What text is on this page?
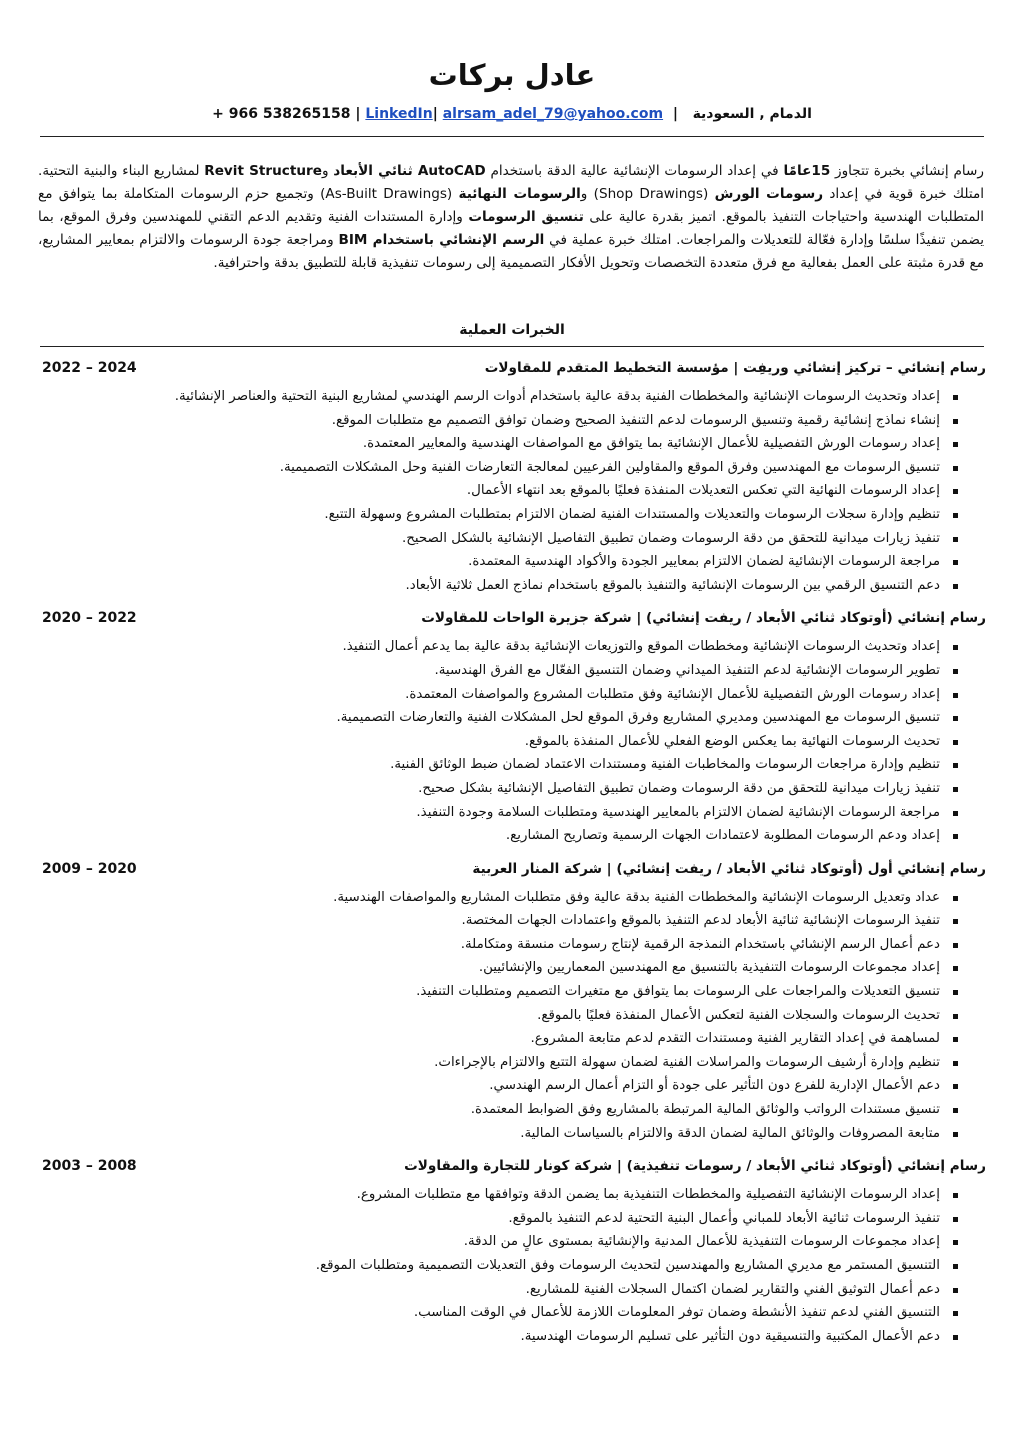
عادل بركات
الدمام , السعودية   |  LinkedIn| alrsam_adel_79@yahoo.com | + 966 538265158
رسام إنشائي بخبرة تتجاوز 15عامًا في إعداد الرسومات الإنشائية عالية الدقة باستخدام AutoCAD ثنائي الأبعاد وRevit Structure لمشاريع البناء والبنية التحتية. امتلك خبرة قوية في إعداد رسومات الورش (Shop Drawings) والرسومات النهائية (As-Built Drawings) وتجميع حزم الرسومات المتكاملة بما يتوافق مع المتطلبات الهندسية واحتياجات التنفيذ بالموقع. اتميز بقدرة عالية على تنسيق الرسومات وإدارة المستندات الفنية وتقديم الدعم التقني للمهندسين وفرق الموقع، بما يضمن تنفيذًا سلسًا وإدارة فعّالة للتعديلات والمراجعات. امتلك خبرة عملية في الرسم الإنشائي باستخدام BIM ومراجعة جودة الرسومات والالتزام بمعايير المشاريع، مع قدرة مثبتة على العمل بفعالية مع فرق متعددة التخصصات وتحويل الأفكار التصميمية إلى رسومات تنفيذية قابلة للتطبيق بدقة واحترافية.
الخبرات العملية
رسام إنشائي – تركيز إنشائي وريفِت | مؤسسة التخطيط المتقدم للمقاولات
2022 – 2024
إعداد وتحديث الرسومات الإنشائية والمخططات الفنية بدقة عالية باستخدام أدوات الرسم الهندسي لمشاريع البنية التحتية والعناصر الإنشائية.
إنشاء نماذج إنشائية رقمية وتنسيق الرسومات لدعم التنفيذ الصحيح وضمان توافق التصميم مع متطلبات الموقع.
إعداد رسومات الورش التفصيلية للأعمال الإنشائية بما يتوافق مع المواصفات الهندسية والمعايير المعتمدة.
تنسيق الرسومات مع المهندسين وفرق الموقع والمقاولين الفرعيين لمعالجة التعارضات الفنية وحل المشكلات التصميمية.
إعداد الرسومات النهائية التي تعكس التعديلات المنفذة فعليًا بالموقع بعد انتهاء الأعمال.
تنظيم وإدارة سجلات الرسومات والتعديلات والمستندات الفنية لضمان الالتزام بمتطلبات المشروع وسهولة التتبع.
تنفيذ زيارات ميدانية للتحقق من دقة الرسومات وضمان تطبيق التفاصيل الإنشائية بالشكل الصحيح.
مراجعة الرسومات الإنشائية لضمان الالتزام بمعايير الجودة والأكواد الهندسية المعتمدة.
دعم التنسيق الرقمي بين الرسومات الإنشائية والتنفيذ بالموقع باستخدام نماذج العمل ثلاثية الأبعاد.
رسام إنشائي (أوتوكاد ثنائي الأبعاد / ريفت إنشائي) | شركة جزيرة الواحات للمقاولات
2020 – 2022
إعداد وتحديث الرسومات الإنشائية ومخططات الموقع والتوزيعات الإنشائية بدقة عالية بما يدعم أعمال التنفيذ.
تطوير الرسومات الإنشائية لدعم التنفيذ الميداني وضمان التنسيق الفعّال مع الفرق الهندسية.
إعداد رسومات الورش التفصيلية للأعمال الإنشائية وفق متطلبات المشروع والمواصفات المعتمدة.
تنسيق الرسومات مع المهندسين ومديري المشاريع وفرق الموقع لحل المشكلات الفنية والتعارضات التصميمية.
تحديث الرسومات النهائية بما يعكس الوضع الفعلي للأعمال المنفذة بالموقع.
تنظيم وإدارة مراجعات الرسومات والمخاطبات الفنية ومستندات الاعتماد لضمان ضبط الوثائق الفنية.
تنفيذ زيارات ميدانية للتحقق من دقة الرسومات وضمان تطبيق التفاصيل الإنشائية بشكل صحيح.
مراجعة الرسومات الإنشائية لضمان الالتزام بالمعايير الهندسية ومتطلبات السلامة وجودة التنفيذ.
إعداد ودعم الرسومات المطلوبة لاعتمادات الجهات الرسمية وتصاريح المشاريع.
رسام إنشائي أول (أوتوكاد ثنائي الأبعاد / ريفت إنشائي) | شركة المنار العربية
2009 – 2020
عداد وتعديل الرسومات الإنشائية والمخططات الفنية بدقة عالية وفق متطلبات المشاريع والمواصفات الهندسية.
تنفيذ الرسومات الإنشائية ثنائية الأبعاد لدعم التنفيذ بالموقع واعتمادات الجهات المختصة.
دعم أعمال الرسم الإنشائي باستخدام النمذجة الرقمية لإنتاج رسومات منسقة ومتكاملة.
إعداد مجموعات الرسومات التنفيذية بالتنسيق مع المهندسين المعماريين والإنشائيين.
تنسيق التعديلات والمراجعات على الرسومات بما يتوافق مع متغيرات التصميم ومتطلبات التنفيذ.
تحديث الرسومات والسجلات الفنية لتعكس الأعمال المنفذة فعليًا بالموقع.
لمساهمة في إعداد التقارير الفنية ومستندات التقدم لدعم متابعة المشروع.
تنظيم وإدارة أرشيف الرسومات والمراسلات الفنية لضمان سهولة التتبع والالتزام بالإجراءات.
دعم الأعمال الإدارية للفرع دون التأثير على جودة أو التزام أعمال الرسم الهندسي.
تنسيق مستندات الرواتب والوثائق المالية المرتبطة بالمشاريع وفق الضوابط المعتمدة.
متابعة المصروفات والوثائق المالية لضمان الدقة والالتزام بالسياسات المالية.
رسام إنشائي (أوتوكاد ثنائي الأبعاد / رسومات تنفيذية) | شركة كونار للتجارة والمقاولات
2003 – 2008
إعداد الرسومات الإنشائية التفصيلية والمخططات التنفيذية بما يضمن الدقة وتوافقها مع متطلبات المشروع.
تنفيذ الرسومات ثنائية الأبعاد للمباني وأعمال البنية التحتية لدعم التنفيذ بالموقع.
إعداد مجموعات الرسومات التنفيذية للأعمال المدنية والإنشائية بمستوى عالٍ من الدقة.
التنسيق المستمر مع مديري المشاريع والمهندسين لتحديث الرسومات وفق التعديلات التصميمية ومتطلبات الموقع.
دعم أعمال التوثيق الفني والتقارير لضمان اكتمال السجلات الفنية للمشاريع.
التنسيق الفني لدعم تنفيذ الأنشطة وضمان توفر المعلومات اللازمة للأعمال في الوقت المناسب.
دعم الأعمال المكتبية والتنسيقية دون التأثير على تسليم الرسومات الهندسية.
